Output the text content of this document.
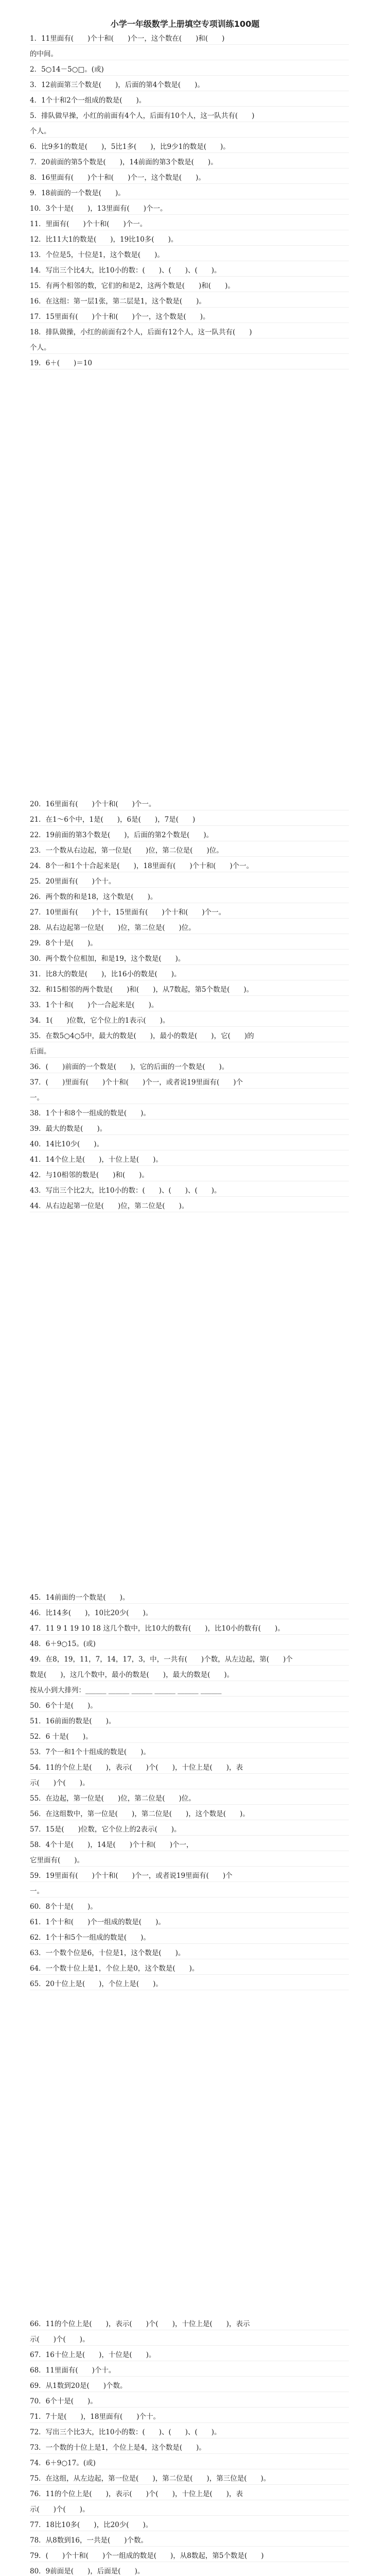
小学一年级数学上册填空专项训练100题
1．11里面有(　　)个十和(　　)个一，这个数在(　　)和(　　)
的中间。
2．5○14－5○□。(或)
3．12前面第三个数是(　　)，后面的第4个数是(　　)。
4．1个十和2个一组成的数是(　　)。
5．排队做早操，小红的前面有4个人，后面有10个人，这一队共有(　　)
个人。
6．比9多1的数是(　　)，5比1多(　　)，比9少1的数是(　　)。
7．20前面的第5个数是(　　)，14前面的第3个数是(　　)。
8．16里面有(　　)个十和(　　)个一，这个数是(　　)。
9．18前面的一个数是(　　)。
10．3个十是(　　)，13里面有(　　)个一。
11．里面有(　　)个十和(　　)个一。
12．比11大1的数是(　　)，19比10多(　　)。
13．个位是5，十位是1，这个数是(　　)。
14．写出三个比4大，比10小的数：(　　)、(　　)、(　　)。
15．有两个相邻的数，它们的和是2，这两个数是(　　)和(　　)。
16．在这组：第一层1张，第二层是1，这个数是(　　)。
17．15里面有(　　)个十和(　　)个一，这个数是(　　)。
18．排队做操，小红的前面有2个人，后面有12个人，这一队共有(　　)
个人。
19．6＋(　　)＝10
20．16里面有(　　)个十和(　　)个一。
21．在1～6个中，1是(　　)，6是(　　)，7是(　　)
22．19前面的第3个数是(　　)，后面的第2个数是(　　)。
23．一个数从右边起，第一位是(　　)位，第二位是(　　)位。
24．8个一和1个十合起来是(　　)，18里面有(　　)个十和(　　)个一。
25．20里面有(　　)个十。
26．两个数的和是18，这个数是(　　)。
27．10里面有(　　)个十，15里面有(　　)个十和(　　)个一。
28．从右边起第一位是(　　)位，第二位是(　　)位。
29．8个十是(　　)。
30．两个数个位相加，和是19，这个数是(　　)。
31．比8大的数是(　　)，比16小的数是(　　)。
32．和15相邻的两个数是(　　)和(　　)，从7数起，第5个数是(　　)。
33．1个十和(　　)个一合起来是(　　)。
34．1(　　)位数，它个位上的1表示(　　)。
35．在数5○4○5中，最大的数是(　　)，最小的数是(　　)，它(　　)的
后面。
36．(　　)前面的一个数是(　　)，它的后面的一个数是(　　)。
37．(　　)里面有(　　)个十和(　　)个一，或者说19里面有(　　)个
一。
38．1个十和8个一组成的数是(　　)。
39．最大的数是(　　)。
40．14比10少(　　)。
41．14个位上是(　　)，十位上是(　　)。
42．与10相邻的数是(　　)和(　　)。
43．写出三个比2大，比10小的数：(　　)、(　　)、(　　)。
44．从右边起第一位是(　　)位，第二位是(　　)。
45．14前面的一个数是(　　)。
46．比14多(　　)，10比20少(　　)。
47．11 9 1 19 10 18 这几个数中，比10大的数有(　　)，比10小的数有(　　)。
48．6＋9○15。(或)
49．在8，19，11，7，14，17，3，中，一共有(　　)个数，从左边起，第(　　)个
数是(　　)，这几个数中，最小的数是(　　)，最大的数是(　　)。
按从小到大排列：______ ______ ______ ______ ______ ______
50．6个十是(　　)。
51．16前面的数是(　　)。
52．6 十是(　　)。
53．7个一和1个十组成的数是(　　)。
54．11的个位上是(　　)，表示(　　)个(　　)，十位上是(　　)，表
示(　　)个(　　)。
55．在边起，第一位是(　　)位，第二位是(　　)位。
56．在这组数中，第一位是(　　)，第二位是(　　)，这个数是(　　)。
57．15是(　　)位数，它个位上的2表示(　　)。
58．4个十是(　　)，14是(　　)个十和(　　)个一，
它里面有(　　)。
59．19里面有(　　)个十和(　　)个一，或者说19里面有(　　)个
一。
60．8个十是(　　)。
61．1个十和(　　)个一组成的数是(　　)。
62．1个十和5个一组成的数是(　　)。
63．一个数个位是6，十位是1，这个数是(　　)。
64．一个数十位上是1，个位上是0，这个数是(　　)。
65．20十位上是(　　)，个位上是(　　)。
66．11的个位上是(　　)，表示(　　)个(　　)，十位上是(　　)，表示
示(　　)个(　　)。
67．16十位上是(　　)，十位是(　　)。
68．11里面有(　　)个十。
69．从1数到20是(　　)个数。
70．6个十是(　　)。
71．7十是(　　)，18里面有(　　)个十。
72．写出三个比3大，比10小的数：(　　)、(　　)、(　　)。
73．一个数的十位上是1，个位上是4，这个数是(　　)。
74．6＋9○17。(或)
75．在这组，从左边起，第一位是(　　)，第二位是(　　)，第三位是(　　)。
76．11的个位上是(　　)，表示(　　)个(　　)，十位上是(　　)，表
示(　　)个(　　)。
77．18比10多(　　)，比20少(　　)。
78．从8数到16，一共是(　　)个数。
79．(　　)个十和(　　)个一组成的数是(　　)，从8数起，第5个数是(　　)
80．9前面是(　　)，后面是(　　)。
